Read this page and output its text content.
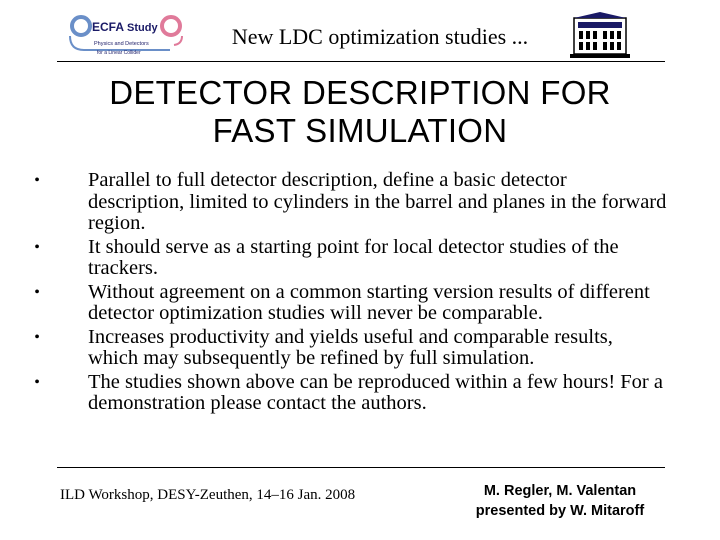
ECFA Study
Physics and Detectors
for a Linear Collider
New LDC optimization studies ...
DETECTOR DESCRIPTION FOR
FAST SIMULATION
•	Parallel to full detector description, define a basic detector description, limited to cylinders in the barrel and planes in the forward region.
•	It should serve as a starting point for local detector studies of the trackers.
•	Without agreement on a common starting version results of different detector optimization studies will never be comparable.
•	Increases productivity and yields useful and comparable results, which may subsequently be refined by full simulation.
•	The studies shown above can be reproduced within a few hours! For a demonstration please contact the authors.
ILD Workshop, DESY-Zeuthen, 14–16 Jan. 2008	M. Regler, M. Valentan
presented by W. Mitaroff
